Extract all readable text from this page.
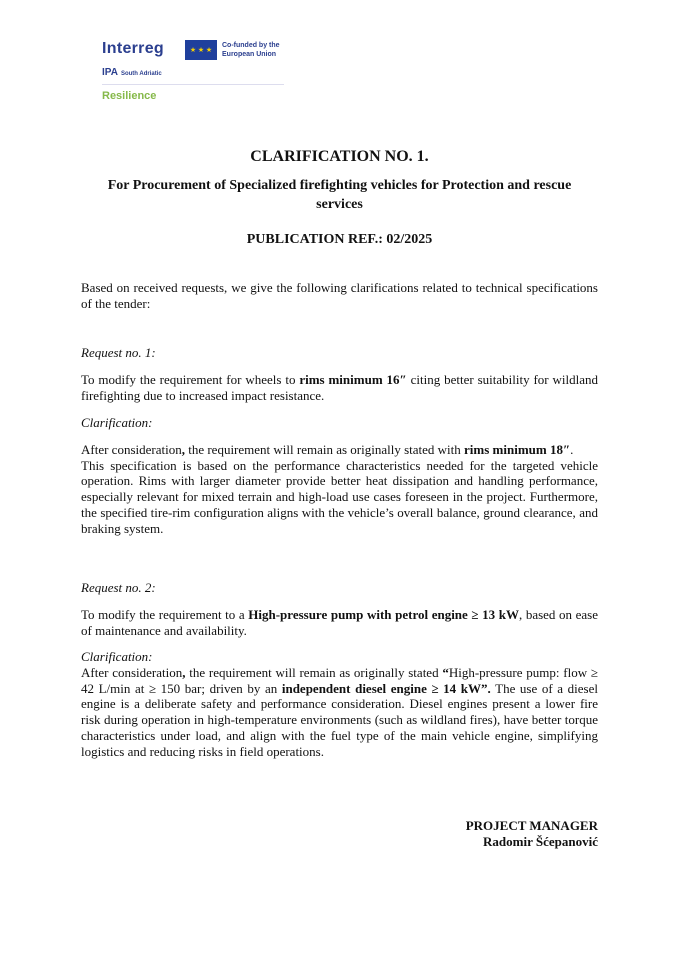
Interreg	★ ★ ★
Co-funded by the European Union
IPA South Adriatic
Resilience
CLARIFICATION NO. 1.
For Procurement of Specialized firefighting vehicles for Protection and rescue services
PUBLICATION REF.: 02/2025
Based on received requests, we give the following clarifications related to technical specifications of the tender:
Request no. 1:
To modify the requirement for wheels to rims minimum 16″ citing better suitability for wildland firefighting due to increased impact resistance.
Clarification:
After consideration, the requirement will remain as originally stated with rims minimum 18″.
This specification is based on the performance characteristics needed for the targeted vehicle operation. Rims with larger diameter provide better heat dissipation and handling performance, especially relevant for mixed terrain and high-load use cases foreseen in the project. Furthermore, the specified tire-rim configuration aligns with the vehicle’s overall balance, ground clearance, and braking system.
Request no. 2:
To modify the requirement to a High-pressure pump with petrol engine ≥ 13 kW, based on ease of maintenance and availability.
Clarification:
After consideration, the requirement will remain as originally stated “High-pressure pump: flow ≥ 42 L/min at ≥ 150 bar; driven by an independent diesel engine ≥ 14 kW”. The use of a diesel engine is a deliberate safety and performance consideration. Diesel engines present a lower fire risk during operation in high-temperature environments (such as wildland fires), have better torque characteristics under load, and align with the fuel type of the main vehicle engine, simplifying logistics and reducing risks in field operations.
PROJECT MANAGER
Radomir Šćepanović
